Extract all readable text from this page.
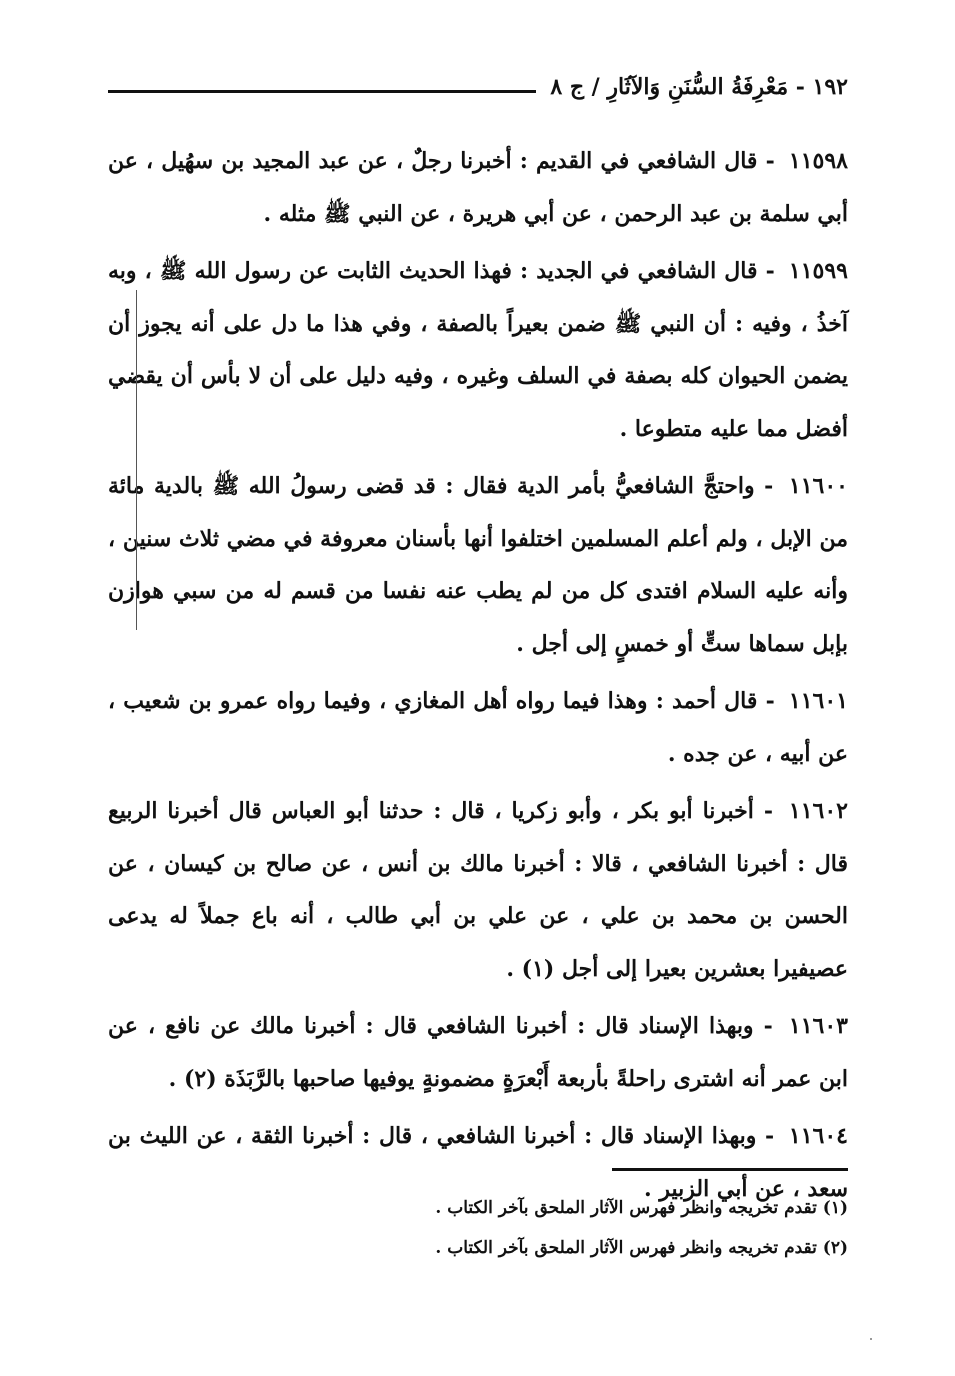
١٩٢ - مَعْرِفَةُ السُّنَنِ وَالآثَارِ / ج ٨

١١٥٩٨ - قال الشافعي في القديم : أخبرنا رجلٌ ، عن عبد المجيد بن سهُيل ، عن أبي سلمة بن عبد الرحمن ، عن أبي هريرة ، عن النبي ﷺ مثله .

١١٥٩٩ - قال الشافعي في الجديد : فهذا الحديث الثابت عن رسول الله ﷺ ، وبه آخذُ ، وفيه : أن النبي ﷺ ضمن بعيراً بالصفة ، وفي هذا ما دل على أنه يجوز أن يضمن الحيوان كله بصفة في السلف وغيره ، وفيه دليل على أن لا بأس أن يقضي أفضل مما عليه متطوعا .

١١٦٠٠ - واحتجَّ الشافعيُّ بأمر الدية فقال : قد قضى رسولُ الله ﷺ بالدية مائة من الإبل ، ولم أعلم المسلمين اختلفوا أنها بأسنان معروفة في مضي ثلاث سنين ، وأنه عليه السلام افتدى كل من لم يطب عنه نفسا من قسم له من سبي هوازن بإبل سماها ستٍّ أو خمسٍ إلى أجل .

١١٦٠١ - قال أحمد : وهذا فيما رواه أهل المغازي ، وفيما رواه عمرو بن شعيب ، عن أبيه ، عن جده .

١١٦٠٢ - أخبرنا أبو بكر ، وأبو زكريا ، قال : حدثنا أبو العباس قال أخبرنا الربيع قال : أخبرنا الشافعي ، قالا : أخبرنا مالك بن أنس ، عن صالح بن كيسان ، عن الحسن بن محمد بن علي ، عن علي بن أبي طالب ، أنه باع جملاً له يدعى عصيفيرا بعشرين بعيرا إلى أجل (١) .

١١٦٠٣ - وبهذا الإسناد قال : أخبرنا الشافعي قال : أخبرنا مالك عن نافع ، عن ابن عمر أنه اشترى راحلةً بأربعة أَبْعرَةٍ مضمونةٍ يوفيها صاحبها بالرَّبَذَة (٢) .

١١٦٠٤ - وبهذا الإسناد قال : أخبرنا الشافعي ، قال : أخبرنا الثقة ، عن الليث بن سعد ، عن أبي الزبير .

(١) تقدم تخريجه وانظر فهرس الآثار الملحق بآخر الكتاب .

(٢) تقدم تخريجه وانظر فهرس الآثار الملحق بآخر الكتاب .
